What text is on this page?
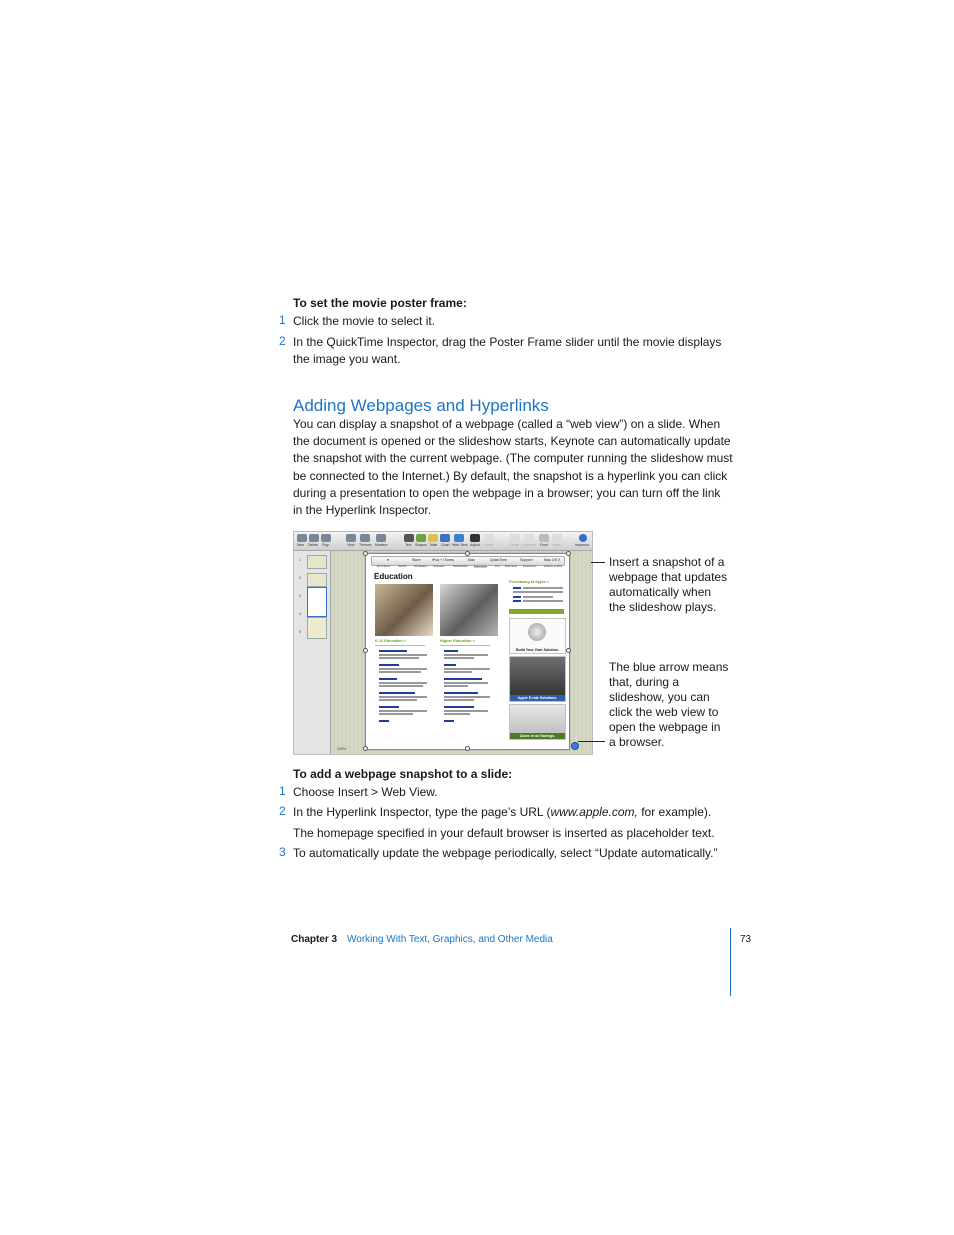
To set the movie poster frame:
1 Click the movie to select it.
2 In the QuickTime Inspector, drag the Poster Frame slider until the movie displays the image you want.
Adding Webpages and Hyperlinks
You can display a snapshot of a webpage (called a “web view”) on a slide. When the document is opened or the slideshow starts, Keynote can automatically update the snapshot with the current webpage. (The computer running the slideshow must be connected to the Internet.) By default, the snapshot is a hyperlink you can click during a presentation to open the webpage in a browser; you can turn off the link in the Hyperlink Inspector.
New Delete Play	View Themes Masters	Text Shapes Table Chart Web View Adjust Mask	Group Ungroup Front Back	Inspector
1
2
3
4
5
●	Store	iPod + iTunes	Mac	QuickTime	Support	Mac OS X
Hot News	Switch Hardware Software	Made4Mac Education	Pro Business Developer Where to Buy
Education
K-12 Education >	Higher Education >
Purchasing at Apple >
Build Your Own Solution.
Apple E-rate Solutions.
Zoom in on Savings.
100%
Insert a snapshot of a webpage that updates automatically when the slideshow plays.
The blue arrow means that, during a slideshow, you can click the web view to open the webpage in a browser.
To add a webpage snapshot to a slide:
1 Choose Insert > Web View.
2 In the Hyperlink Inspector, type the page’s URL (www.apple.com, for example).
The homepage specified in your default browser is inserted as placeholder text.
3 To automatically update the webpage periodically, select “Update automatically.”
Chapter 3 Working With Text, Graphics, and Other Media	73
